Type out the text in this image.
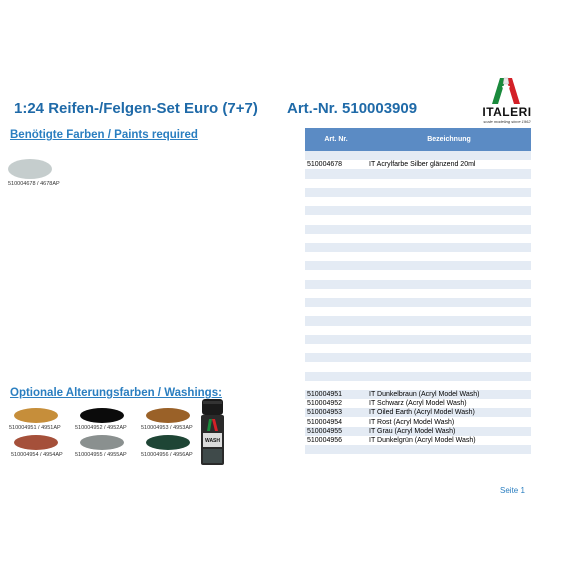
1:24 Reifen-/Felgen-Set Euro (7+7) Art.-Nr. 510003909	ITALERI
scale modeling since 1962
Benötigte Farben / Paints required
510004678 / 4678AP
Optionale Alterungsfarben / Washings:
510004951 / 4951AP	510004952 / 4952AP	510004953 / 4953AP
510004954 / 4954AP 510004955 / 4955AP	510004956 / 4956AP
WASH
Art. Nr.	Bezeichnung

510004678	IT Acrylfarbe Silber glänzend 20ml

510004951	IT Dunkelbraun (Acryl Model Wash)
510004952	IT Schwarz (Acryl Model Wash)
510004953	IT Oiled Earth (Acryl Model Wash)
510004954	IT Rost (Acryl Model Wash)
510004955	IT Grau (Acryl Model Wash)
510004956	IT Dunkelgrün (Acryl Model Wash)

Seite 1
